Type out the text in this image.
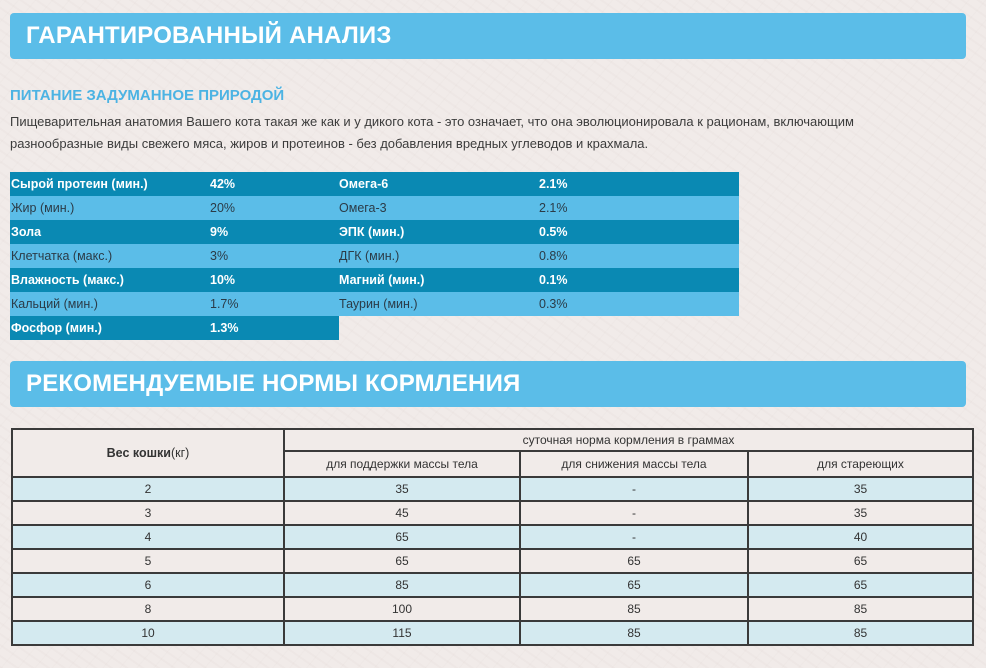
ГАРАНТИРОВАННЫЙ АНАЛИЗ
ПИТАНИЕ ЗАДУМАННОЕ ПРИРОДОЙ
Пищеварительная анатомия Вашего кота такая же как и у дикого кота - это означает, что она эволюционировала к рационам, включающим
разнообразные виды свежего мяса, жиров и протеинов - без добавления вредных углеводов и крахмала.
Сырой протеин (мин.)	42%	Омега-6	2.1%
Жир (мин.)	20%	Омега-3	2.1%
Зола	9%	ЭПК (мин.)	0.5%
Клетчатка (макс.)	3%	ДГК (мин.)	0.8%
Влажность (макс.)	10%	Магний (мин.)	0.1%
Кальций (мин.)	1.7%	Таурин (мин.)	0.3%
Фосфор (мин.)	1.3%
РЕКОМЕНДУЕМЫЕ НОРМЫ КОРМЛЕНИЯ
Вес кошки(кг)	суточная норма кормления в граммах		
	для поддержки массы тела	для снижения массы тела	для стареющих
2	35	-	35
3	45	-	35
4	65	-	40
5	65	65	65
6	85	65	65
8	100	85	85
10	115	85	85
